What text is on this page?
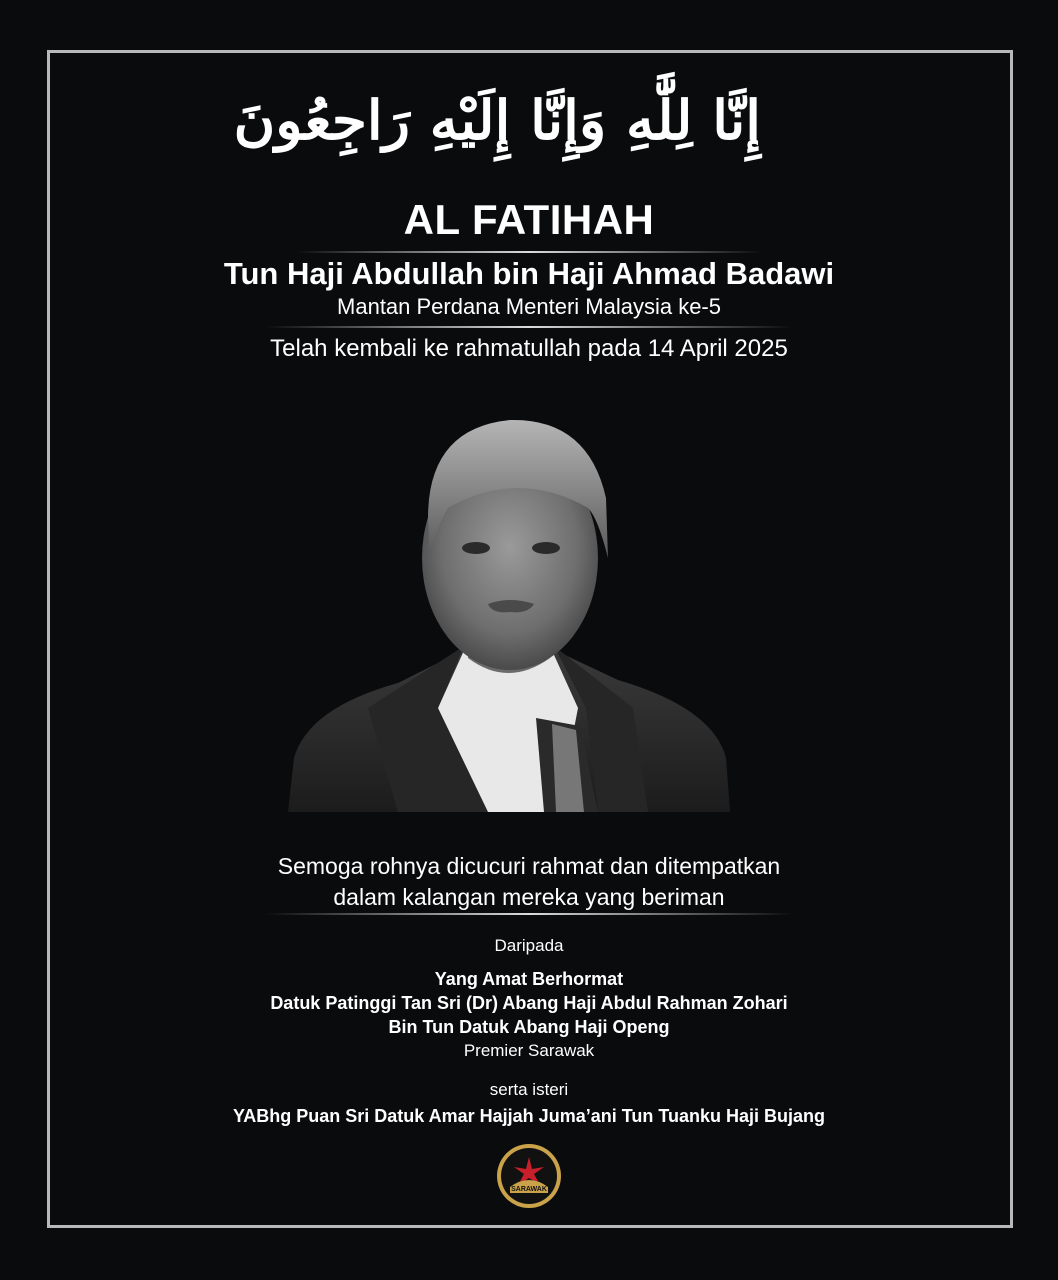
إِنَّا لِلَّٰهِ وَإِنَّا إِلَيْهِ رَاجِعُونَ
AL FATIHAH
Tun Haji Abdullah bin Haji Ahmad Badawi
Mantan Perdana Menteri Malaysia ke-5
Telah kembali ke rahmatullah pada 14 April 2025
Semoga rohnya dicucuri rahmat dan ditempatkan
dalam kalangan mereka yang beriman
Daripada
Yang Amat Berhormat
Datuk Patinggi Tan Sri (Dr) Abang Haji Abdul Rahman Zohari
Bin Tun Datuk Abang Haji Openg
Premier Sarawak
serta isteri
YABhg Puan Sri Datuk Amar Hajjah Juma’ani Tun Tuanku Haji Bujang
SARAWAK
